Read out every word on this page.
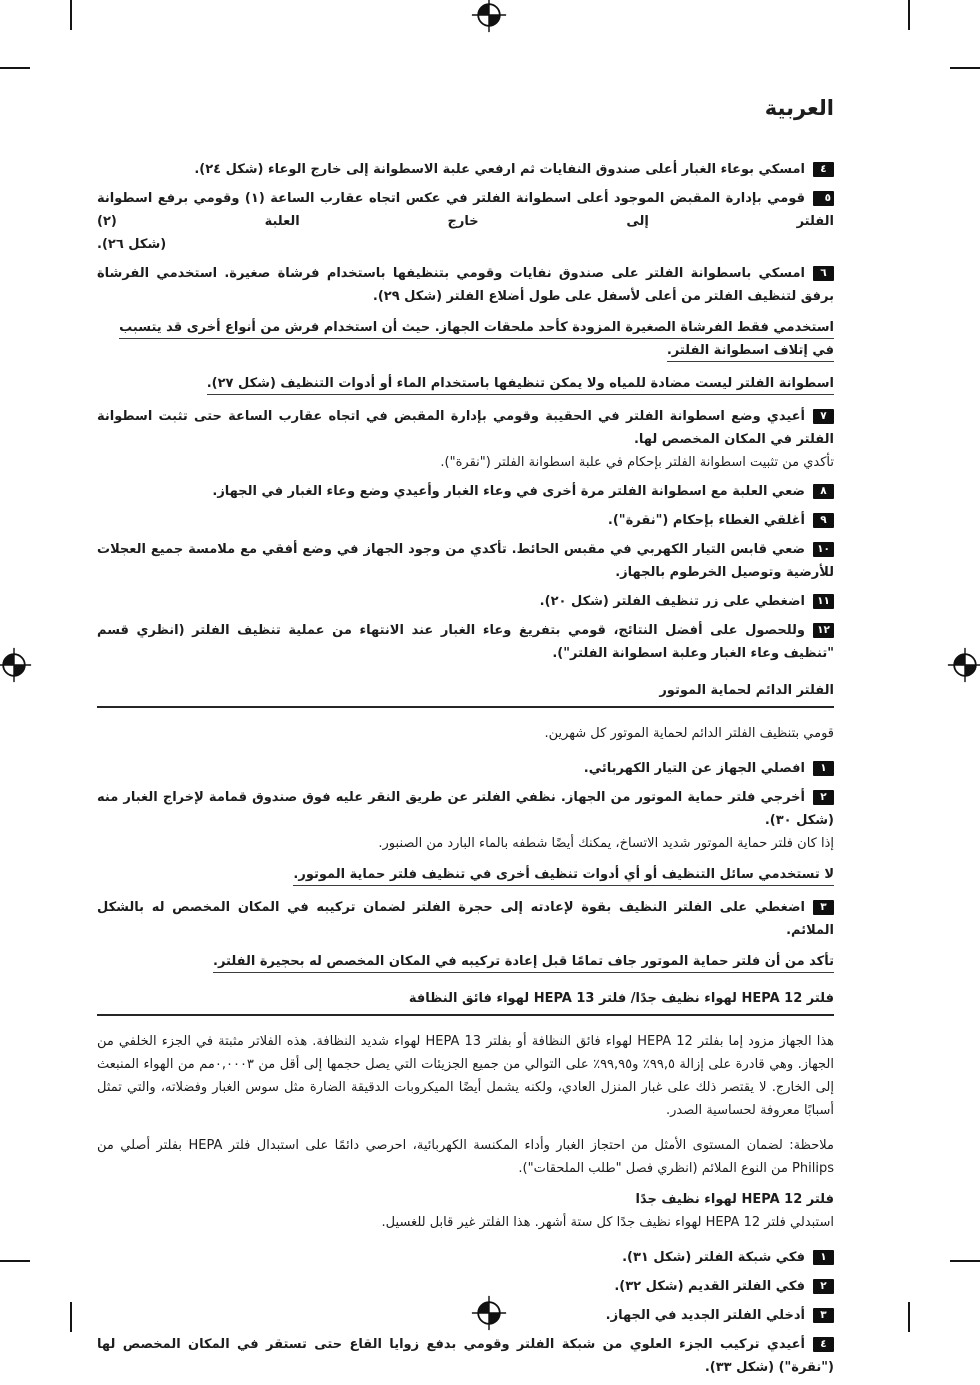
العربية
٤امسكي بوعاء الغبار أعلى صندوق النفايات ثم ارفعي علبة الاسطوانة إلى خارج الوعاء (شكل ٢٤).
٥قومي بإدارة المقبض الموجود أعلى اسطوانة الفلتر في عكس اتجاه عقارب الساعة (١) وقومي برفع اسطوانة الفلتر إلى خارج العلبة (٢)
(شكل ٢٦).
٦امسكي باسطوانة الفلتر على صندوق نفايات وقومي بتنظيفها باستخدام فرشاة صغيرة. استخدمي الفرشاة برفق لتنظيف الفلتر من أعلى لأسفل على طول أضلاع الفلتر (شكل ٢٩).
استخدمي فقط الفرشاة الصغيرة المزودة كأحد ملحقات الجهاز. حيث أن استخدام فرش من أنواع أخرى قد يتسبب في إتلاف اسطوانة الفلتر.
اسطوانة الفلتر ليست مضادة للمياه ولا يمكن تنظيفها باستخدام الماء أو أدوات التنظيف (شكل ٢٧).
٧أعيدي وضع اسطوانة الفلتر في الحقيبة وقومي بإدارة المقبض في اتجاه عقارب الساعة حتى تثبت اسطوانة الفلتر في المكان المخصص لها.
تأكدي من تثبيت اسطوانة الفلتر بإحكام في علبة اسطوانة الفلتر ("نقرة").
٨ضعي العلبة مع اسطوانة الفلتر مرة أخرى في وعاء الغبار وأعيدي وضع وعاء الغبار في الجهاز.
٩أغلقي الغطاء بإحكام ("نقرة").
١٠ضعي قابس التيار الكهربي في مقبس الحائط. تأكدي من وجود الجهاز في وضع أفقي مع ملامسة جميع العجلات للأرضية وتوصيل الخرطوم بالجهاز.
١١اضغطي على زر تنظيف الفلتر (شكل ٢٠).
١٢وللحصول على أفضل النتائج، قومي بتفريغ وعاء الغبار عند الانتهاء من عملية تنظيف الفلتر (انظري قسم "تنظيف وعاء الغبار وعلبة اسطوانة الفلتر").
الفلتر الدائم لحماية الموتور
قومي بتنظيف الفلتر الدائم لحماية الموتور كل شهرين.
١افصلي الجهاز عن التيار الكهربائي.
٢أخرجي فلتر حماية الموتور من الجهاز. نظفي الفلتر عن طريق النقر عليه فوق صندوق قمامة لإخراج الغبار منه (شكل ٣٠).
إذا كان فلتر حماية الموتور شديد الاتساخ، يمكنك أيضًا شطفه بالماء البارد من الصنبور.
لا تستخدمي سائل التنظيف أو أي أدوات تنظيف أخرى في تنظيف فلتر حماية الموتور.
٣اضغطي على الفلتر النظيف بقوة لإعادته إلى حجرة الفلتر لضمان تركيبه في المكان المخصص له بالشكل الملائم.
تأكد من أن فلتر حماية الموتور جاف تمامًا قبل إعادة تركيبه في المكان المخصص له بحجيرة الفلتر.
فلتر HEPA 12 لهواء نظيف جدًا/ فلتر HEPA 13 لهواء فائق النظافة
هذا الجهاز مزود إما بفلتر HEPA 12 لهواء فائق النظافة أو بفلتر HEPA 13 لهواء شديد النظافة. هذه الفلاتر مثبتة في الجزء الخلفي من الجهاز. وهي قادرة على إزالة ٩٩,٥٪ و٩٩,٩٥٪ على التوالي من جميع الجزيئات التي يصل حجمها إلى أقل من ٠,٠٠٠٣مم من الهواء المنبعث إلى الخارج. لا يقتصر ذلك على غبار المنزل العادي، ولكنه يشمل أيضًا الميكروبات الدقيقة الضارة مثل سوس الغبار وفضلاته، والتي تمثل أسبابًا معروفة لحساسية الصدر.
ملاحظة: لضمان المستوى الأمثل من احتجاز الغبار وأداء المكنسة الكهربائية، احرصي دائمًا على استبدال فلتر HEPA بفلتر أصلي من Philips من النوع الملائم (انظري فصل "طلب الملحقات").
فلتر HEPA 12 لهواء نظيف جدًا
استبدلي فلتر HEPA 12 لهواء نظيف جدًا كل ستة أشهر. هذا الفلتر غير قابل للغسيل.
١فكي شبكة الفلتر (شكل ٣١).
٢فكي الفلتر القديم (شكل ٣٢).
٣أدخلي الفلتر الجديد في الجهاز.
٤أعيدي تركيب الجزء العلوي من شبكة الفلتر وقومي بدفع زوايا القاع حتى تستقر في المكان المخصص لها ("نقرة") (شكل ٣٣).
